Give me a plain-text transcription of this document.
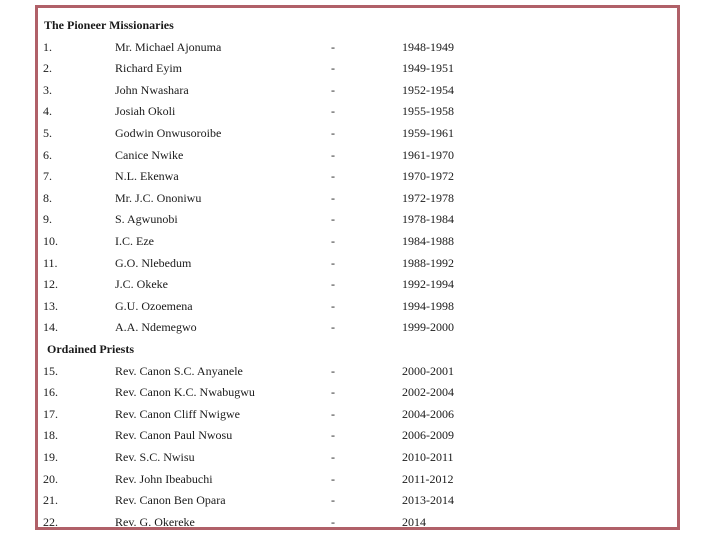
The Pioneer Missionaries
1.	Mr. Michael Ajonuma	-	1948-1949
2.	Richard Eyim	-	1949-1951
3.	John Nwashara	-	1952-1954
4.	Josiah Okoli	-	1955-1958
5.	Godwin Onwusoroibe	-	1959-1961
6.	Canice Nwike	-	1961-1970
7.	N.L. Ekenwa	-	1970-1972
8.	Mr. J.C. Ononiwu	-	1972-1978
9.	S. Agwunobi	-	1978-1984
10.	I.C. Eze	-	1984-1988
11.	G.O. Nlebedum	-	1988-1992
12.	J.C. Okeke	-	1992-1994
13.	G.U. Ozoemena	-	1994-1998
14.	A.A. Ndemegwo	-	1999-2000
Ordained Priests
15.	Rev. Canon S.C. Anyanele	-	2000-2001
16.	Rev. Canon K.C. Nwabugwu	-	2002-2004
17.	Rev. Canon Cliff Nwigwe	-	2004-2006
18.	Rev. Canon Paul Nwosu	-	2006-2009
19.	Rev. S.C. Nwisu	-	2010-2011
20.	Rev. John Ibeabuchi	-	2011-2012
21.	Rev. Canon Ben Opara	-	2013-2014
22.	Rev. G. Okereke	-	2014
